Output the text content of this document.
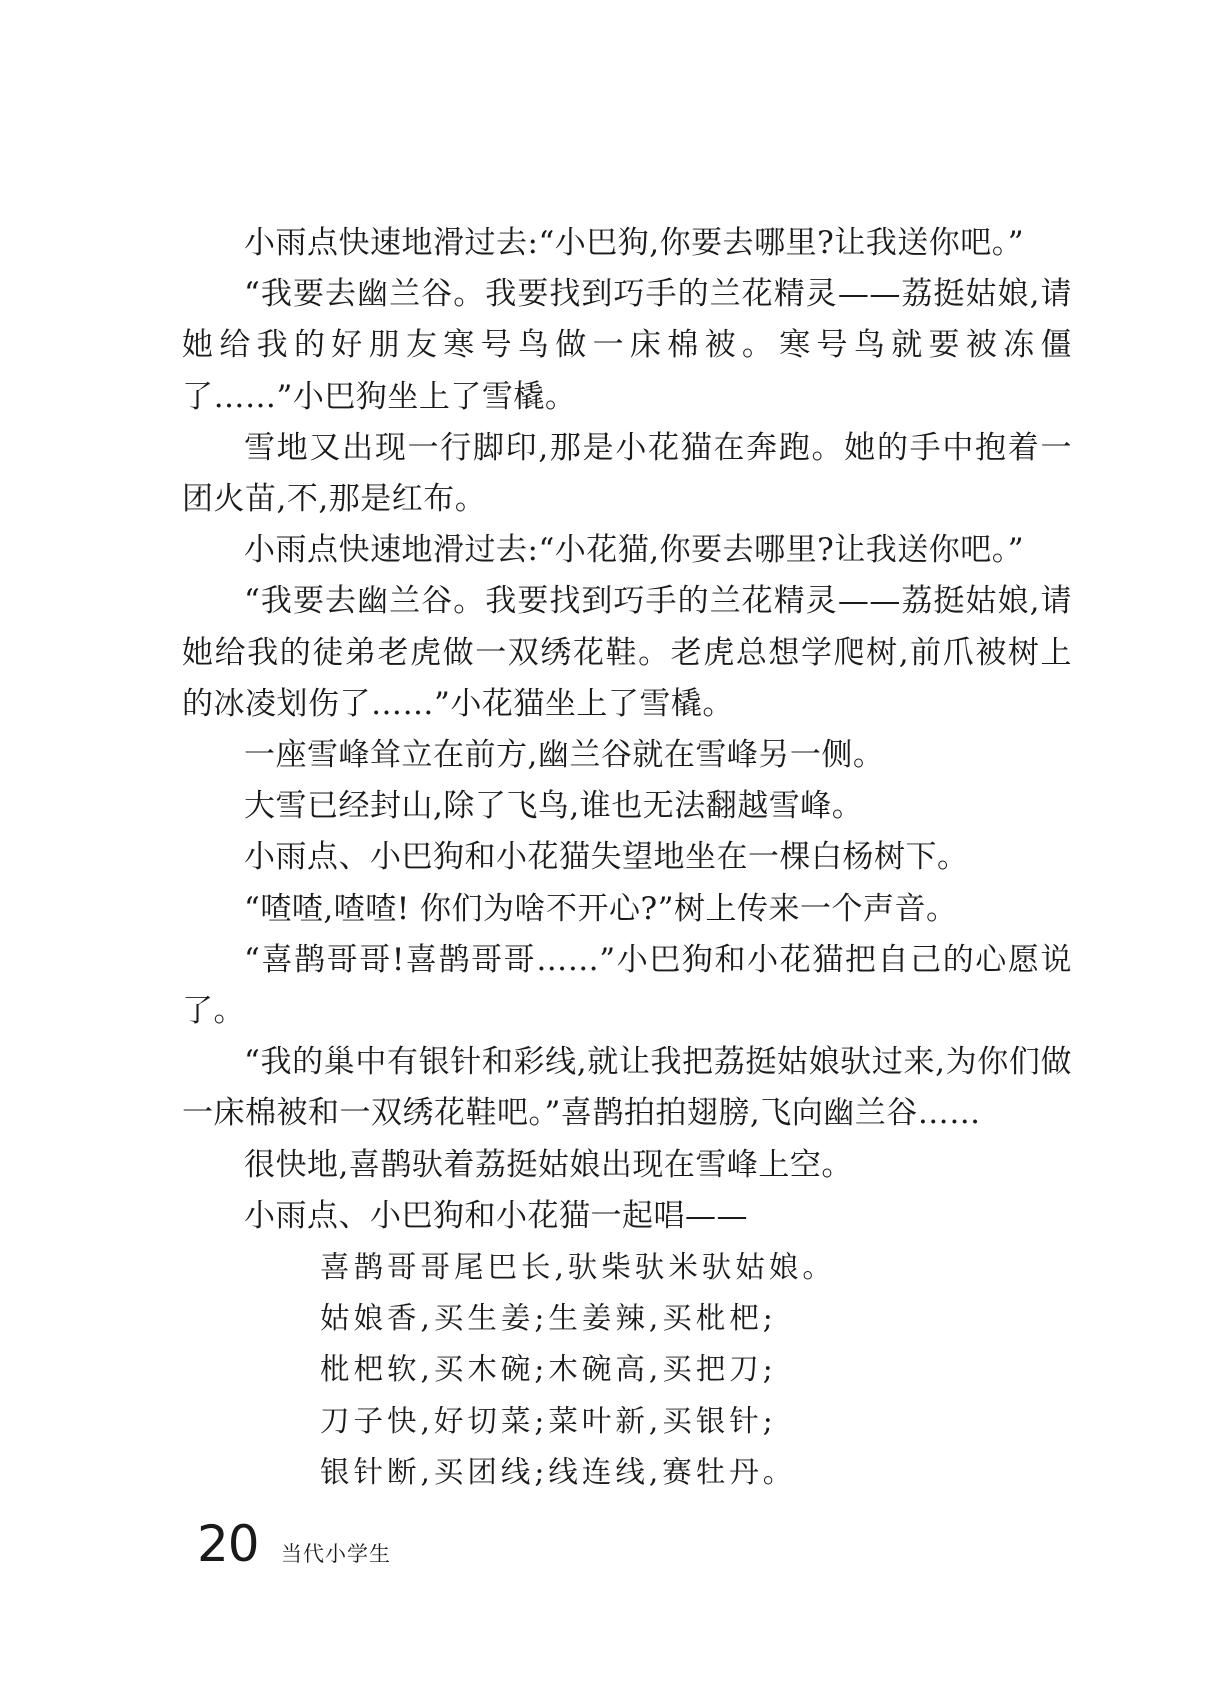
小雨点快速地滑过去:“小巴狗,你要去哪里?让我送你吧。”

“我要去幽兰谷。我要找到巧手的兰花精灵——荔挺姑娘,请她给我的好朋友寒号鸟做一床棉被。寒号鸟就要被冻僵了……”小巴狗坐上了雪橇。

雪地又出现一行脚印,那是小花猫在奔跑。她的手中抱着一团火苗,不,那是红布。

小雨点快速地滑过去:“小花猫,你要去哪里?让我送你吧。”

“我要去幽兰谷。我要找到巧手的兰花精灵——荔挺姑娘,请她给我的徒弟老虎做一双绣花鞋。老虎总想学爬树,前爪被树上的冰凌划伤了……”小花猫坐上了雪橇。

一座雪峰耸立在前方,幽兰谷就在雪峰另一侧。

大雪已经封山,除了飞鸟,谁也无法翻越雪峰。

小雨点、小巴狗和小花猫失望地坐在一棵白杨树下。

“喳喳,喳喳! 你们为啥不开心?”树上传来一个声音。

“喜鹊哥哥!喜鹊哥哥……”小巴狗和小花猫把自己的心愿说了。

“我的巢中有银针和彩线,就让我把荔挺姑娘驮过来,为你们做一床棉被和一双绣花鞋吧。”喜鹊拍拍翅膀,飞向幽兰谷……

很快地,喜鹊驮着荔挺姑娘出现在雪峰上空。

小雨点、小巴狗和小花猫一起唱——

喜鹊哥哥尾巴长,驮柴驮米驮姑娘。

姑娘香,买生姜;生姜辣,买枇杷;

枇杷软,买木碗;木碗高,买把刀;

刀子快,好切菜;菜叶新,买银针;

银针断,买团线;线连线,赛牡丹。

20 当代小学生
